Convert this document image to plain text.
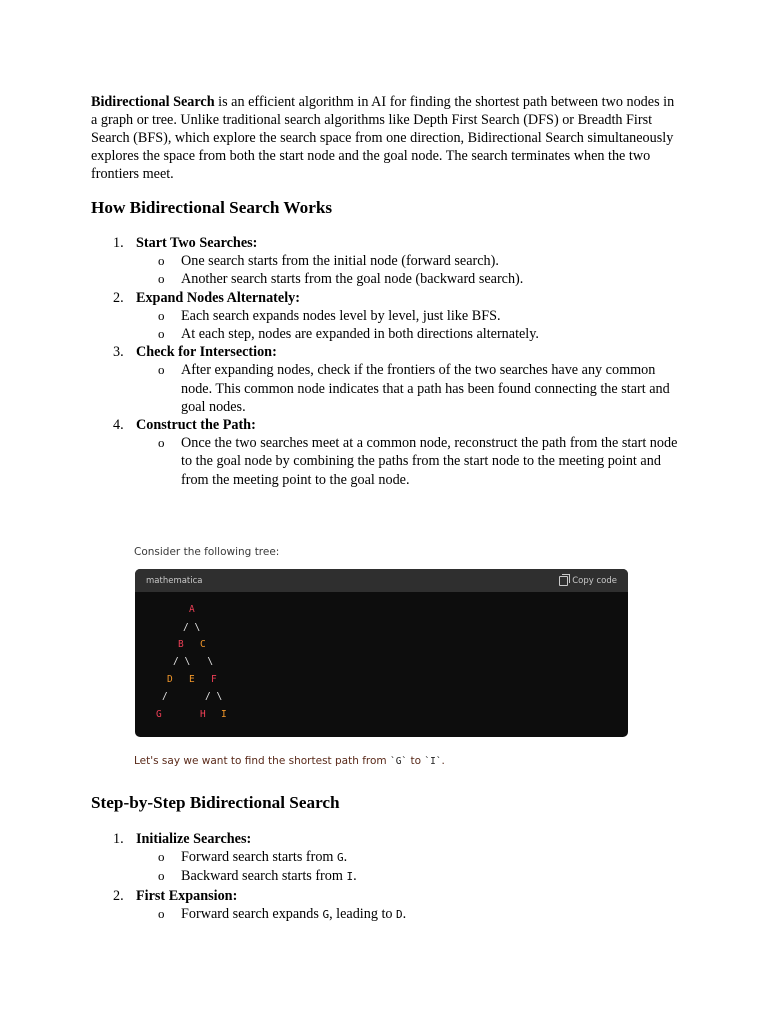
Bidirectional Search is an efficient algorithm in AI for finding the shortest path between two nodes in a graph or tree. Unlike traditional search algorithms like Depth First Search (DFS) or Breadth First Search (BFS), which explore the search space from one direction, Bidirectional Search simultaneously explores the space from both the start node and the goal node. The search terminates when the two frontiers meet.

How Bidirectional Search Works
1. Start Two Searches:
o One search starts from the initial node (forward search).
o Another search starts from the goal node (backward search).
2. Expand Nodes Alternately:
o Each search expands nodes level by level, just like BFS.
o At each step, nodes are expanded in both directions alternately.
3. Check for Intersection:
o After expanding nodes, check if the frontiers of the two searches have any common node. This common node indicates that a path has been found connecting the start and goal nodes.
4. Construct the Path:
o Once the two searches meet at a common node, reconstruct the path from the start node to the goal node by combining the paths from the start node to the meeting point and from the meeting point to the goal node.
Consider the following tree:
mathematica	Copy code
A
/ \
B C
/ \   \
D E F
/	/ \
G	H I
Let's say we want to find the shortest path from `G` to `I`.
Step-by-Step Bidirectional Search
1. Initialize Searches:
o Forward search starts from G.
o Backward search starts from I.
2. First Expansion:
o Forward search expands G, leading to D.
